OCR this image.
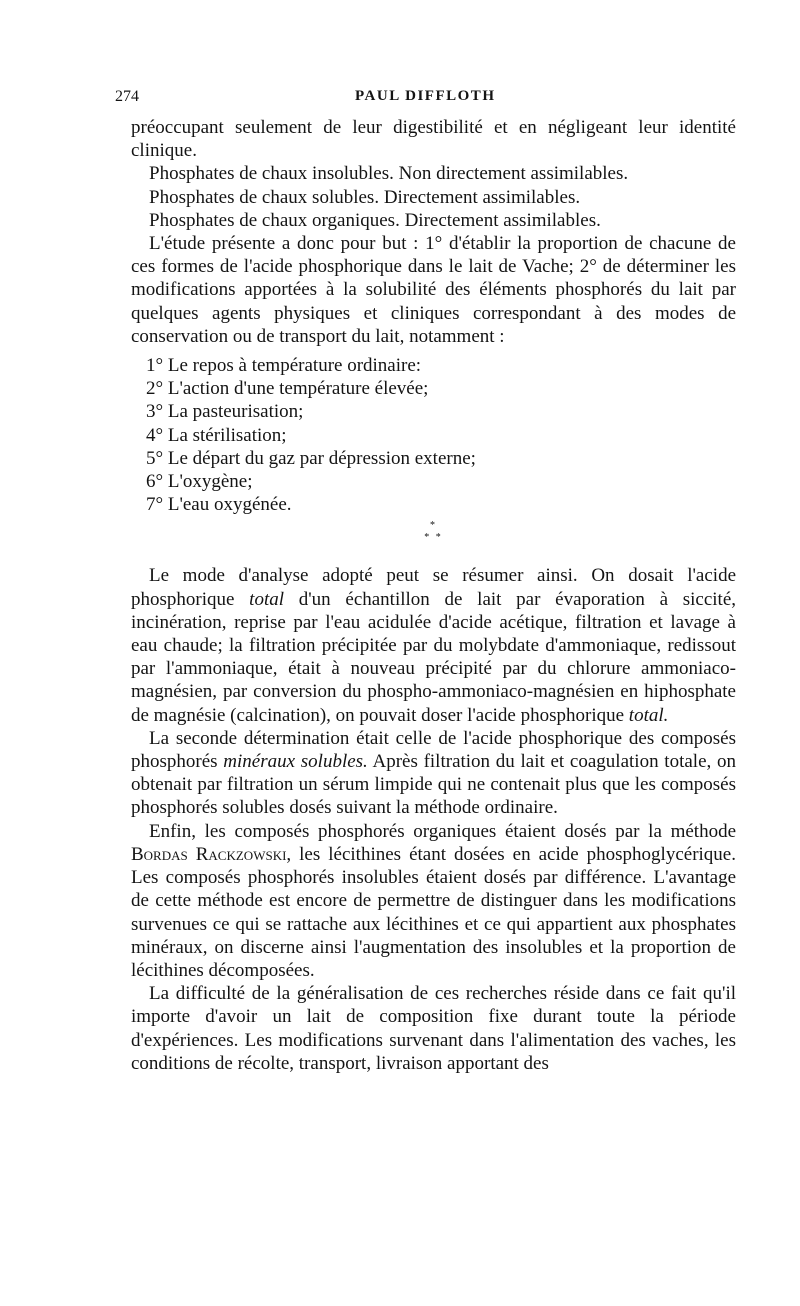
274	PAUL DIFFLOTH

préoccupant seulement de leur digestibilité et en négligeant leur identité clinique.

Phosphates de chaux insolubles. Non directement assimilables.

Phosphates de chaux solubles. Directement assimilables.

Phosphates de chaux organiques. Directement assimilables.

L'étude présente a donc pour but : 1° d'établir la proportion de chacune de ces formes de l'acide phosphorique dans le lait de Vache; 2° de déterminer les modifications apportées à la solubilité des éléments phosphorés du lait par quelques agents physiques et cliniques correspondant à des modes de conservation ou de transport du lait, notamment :

1° Le repos à température ordinaire:
2° L'action d'une température élevée;
3° La pasteurisation;
4° La stérilisation;
5° Le départ du gaz par dépression externe;
6° L'oxygène;
7° L'eau oxygénée.
*
* *

Le mode d'analyse adopté peut se résumer ainsi. On dosait l'acide phosphorique total d'un échantillon de lait par évaporation à siccité, incinération, reprise par l'eau acidulée d'acide acétique, filtration et lavage à eau chaude; la filtration précipitée par du molybdate d'ammoniaque, redissout par l'ammoniaque, était à nouveau précipité par du chlorure ammoniaco-magnésien, par conversion du phospho-ammoniaco-magnésien en hiphosphate de magnésie (calcination), on pouvait doser l'acide phosphorique total.

La seconde détermination était celle de l'acide phosphorique des composés phosphorés minéraux solubles. Après filtration du lait et coagulation totale, on obtenait par filtration un sérum limpide qui ne contenait plus que les composés phosphorés solubles dosés suivant la méthode ordinaire.

Enfin, les composés phosphorés organiques étaient dosés par la méthode Bordas Rackzowski, les lécithines étant dosées en acide phosphoglycérique. Les composés phosphorés insolubles étaient dosés par différence. L'avantage de cette méthode est encore de permettre de distinguer dans les modifications survenues ce qui se rattache aux lécithines et ce qui appartient aux phosphates minéraux, on discerne ainsi l'augmentation des insolubles et la proportion de lécithines décomposées.

La difficulté de la généralisation de ces recherches réside dans ce fait qu'il importe d'avoir un lait de composition fixe durant toute la période d'expériences. Les modifications survenant dans l'alimentation des vaches, les conditions de récolte, transport, livraison apportant des
